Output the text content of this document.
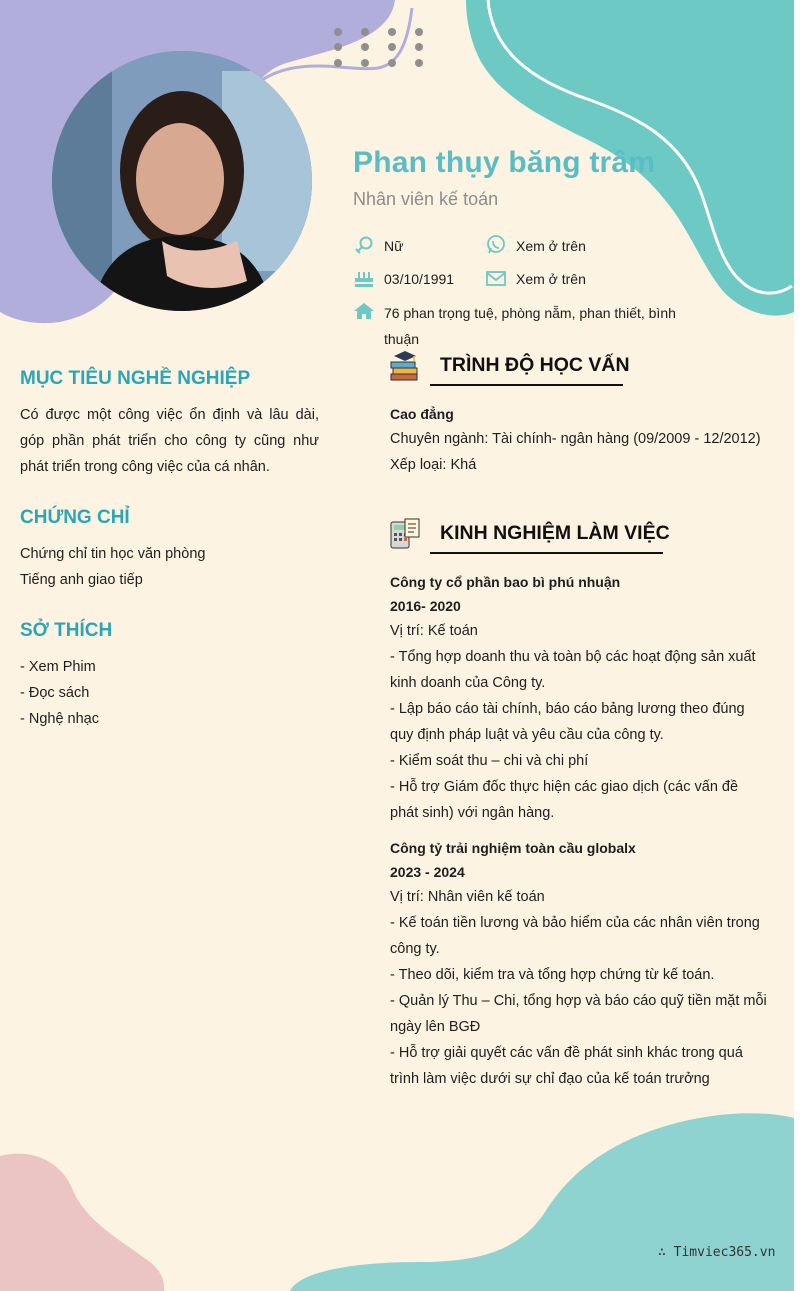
Phan thụy băng trâm
Nhân viên kế toán
Nữ	Xem ở trên
03/10/1991	Xem ở trên
76 phan trọng tuệ, phòng nẵm, phan thiết, bình thuận
MỤC TIÊU NGHỀ NGHIỆP
Có được một công việc ổn định và lâu dài, góp phần phát triển cho công ty cũng như phát triển trong công việc của cá nhân.
CHỨNG CHỈ
Chứng chỉ tin học văn phòng
Tiếng anh giao tiếp
SỞ THÍCH
- Xem Phim
- Đọc sách
- Nghệ nhạc
TRÌNH ĐỘ HỌC VẤN
Cao đẳng
Chuyên ngành: Tài chính- ngân hàng (09/2009 - 12/2012)
Xếp loại: Khá
KINH NGHIỆM LÀM VIỆC
Công ty cổ phần bao bì phú nhuận
2016- 2020
Vị trí: Kế toán
- Tổng hợp doanh thu và toàn bộ các hoạt động sản xuất kinh doanh của Công ty.
- Lập báo cáo tài chính, báo cáo bảng lương theo đúng quy định pháp luật và yêu cầu của công ty.
- Kiểm soát thu – chi và chi phí
- Hỗ trợ Giám đốc thực hiện các giao dịch (các vấn đề phát sinh) với ngân hàng.
Công tỷ trải nghiệm toàn cầu globalx
2023 - 2024
Vị trí: Nhân viên kế toán
- Kế toán tiền lương và bảo hiểm của các nhân viên trong công ty.
- Theo dõi, kiểm tra và tổng hợp chứng từ kế toán.
- Quản lý Thu – Chi, tổng hợp và báo cáo quỹ tiền mặt mỗi ngày lên BGĐ
- Hỗ trợ giải quyết các vấn đề phát sinh khác trong quá trình làm việc dưới sự chỉ đạo của kế toán trưởng
∴ Timviec365.vn
